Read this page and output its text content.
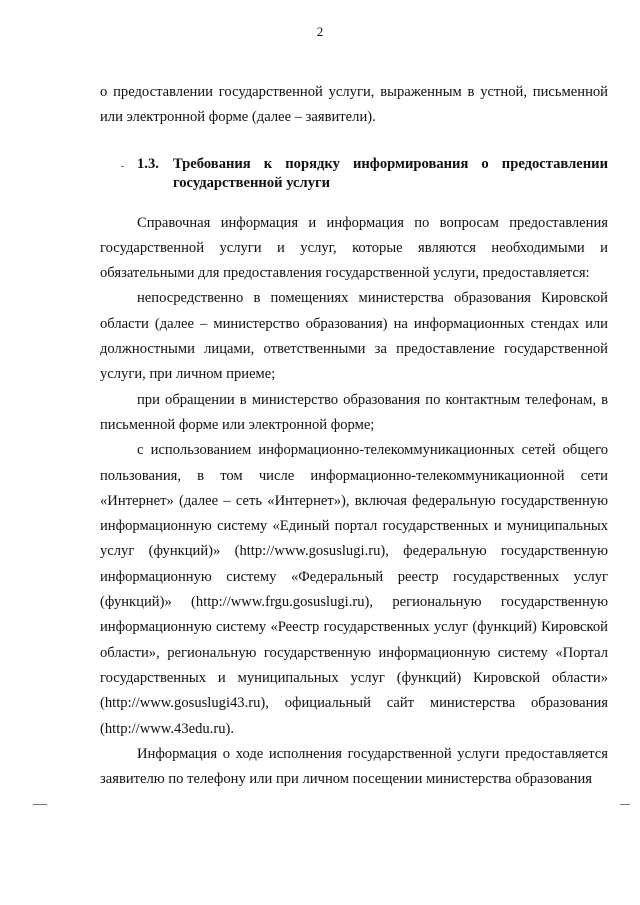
2

о предоставлении государственной услуги, выраженным в устной, письменной или электронной форме (далее – заявители).

1.3. Требования к порядку информирования о предоставлении государственной услуги

Справочная информация и информация по вопросам предоставления государственной услуги и услуг, которые являются необходимыми и обязательными для предоставления государственной услуги, предоставляется:

непосредственно в помещениях министерства образования Кировской области (далее – министерство образования) на информационных стендах или должностными лицами, ответственными за предоставление государственной услуги, при личном приеме;

при обращении в министерство образования по контактным телефонам, в письменной форме или электронной форме;

с использованием информационно-телекоммуникационных сетей общего пользования, в том числе информационно-телекоммуникационной сети «Интернет» (далее – сеть «Интернет»), включая федеральную государственную информационную систему «Единый портал государственных и муниципальных услуг (функций)» (http://www.gosuslugi.ru), федеральную государственную информационную систему «Федеральный реестр государственных услуг (функций)» (http://www.frgu.gosuslugi.ru), региональную государственную информационную систему «Реестр государственных услуг (функций) Кировской области», региональную государственную информационную систему «Портал государственных и муниципальных услуг (функций) Кировской области» (http://www.gosuslugi43.ru), официальный сайт министерства образования (http://www.43edu.ru).

Информация о ходе исполнения государственной услуги предоставляется заявителю по телефону или при личном посещении министерства образования
